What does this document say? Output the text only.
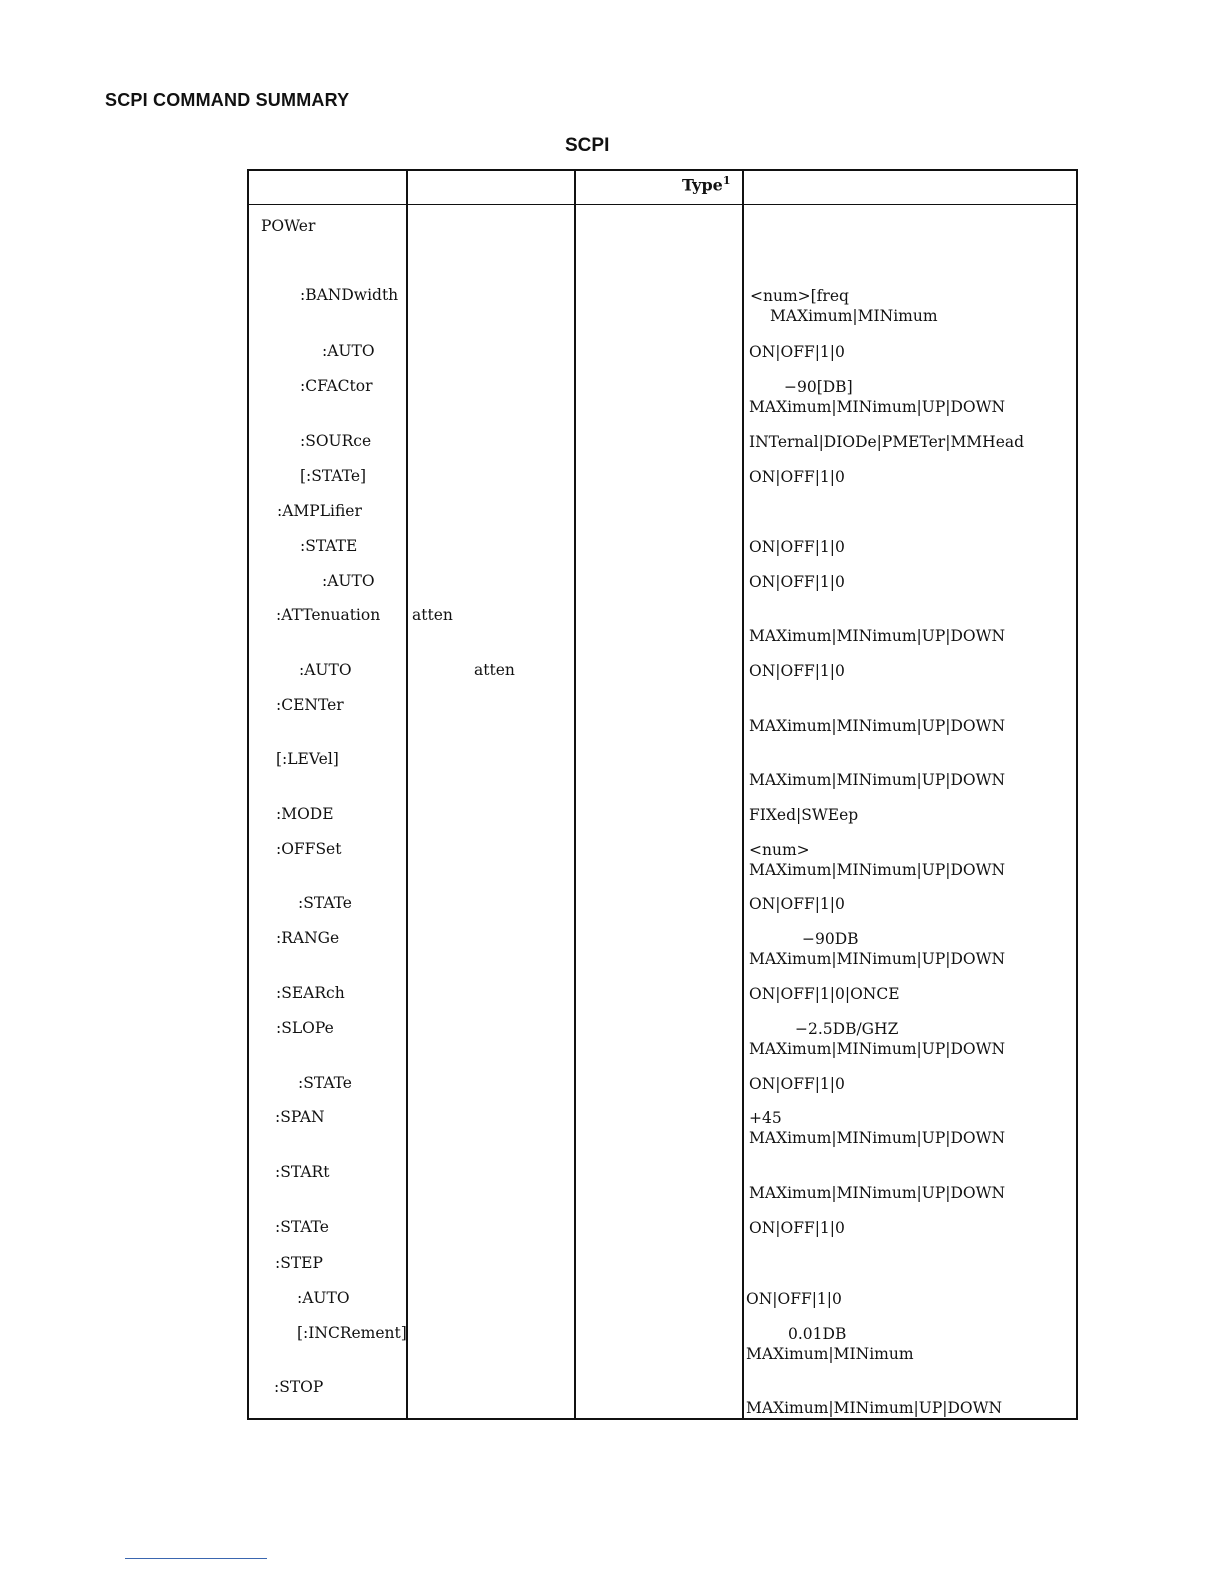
SCPI COMMAND SUMMARY
SCPI
Type$^1$
POWer
:BANDwidth	<num>[freq
MAXimum|MINimum
:AUTO	ON|OFF|1|0
:CFACtor	−90[DB]
MAXimum|MINimum|UP|DOWN
:SOURce	INTernal|DIODe|PMETer|MMHead
[:STATe]	ON|OFF|1|0
:AMPLifier
:STATE	ON|OFF|1|0
:AUTO	ON|OFF|1|0
:ATTenuation atten
MAXimum|MINimum|UP|DOWN
:AUTO	atten	ON|OFF|1|0
:CENTer
MAXimum|MINimum|UP|DOWN
[:LEVel]
MAXimum|MINimum|UP|DOWN
:MODE	FIXed|SWEep
:OFFSet	<num>
MAXimum|MINimum|UP|DOWN
:STATe	ON|OFF|1|0
:RANGe	−90DB
MAXimum|MINimum|UP|DOWN
:SEARch	ON|OFF|1|0|ONCE
:SLOPe	−2.5DB/GHZ
MAXimum|MINimum|UP|DOWN
:STATe	ON|OFF|1|0
:SPAN	+45
MAXimum|MINimum|UP|DOWN
:STARt
MAXimum|MINimum|UP|DOWN
:STATe	ON|OFF|1|0
:STEP
:AUTO	ON|OFF|1|0
[:INCRement]	0.01DB
MAXimum|MINimum
:STOP
MAXimum|MINimum|UP|DOWN
